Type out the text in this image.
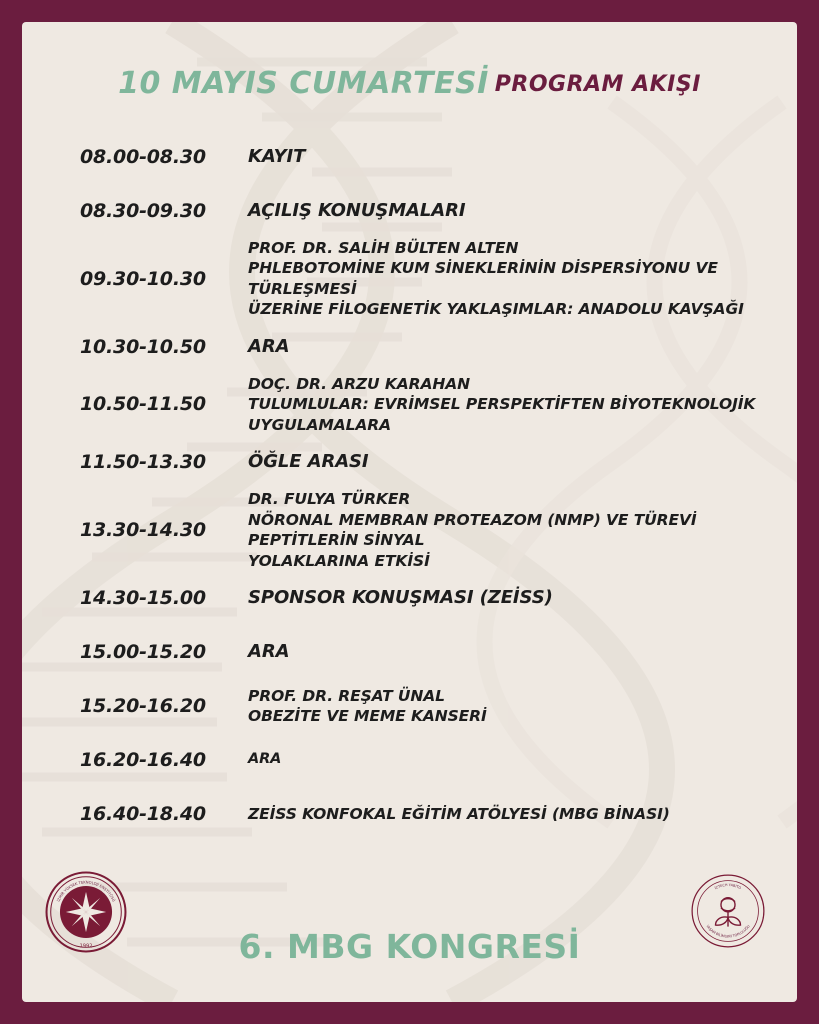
10 MAYIS CUMARTESİ PROGRAM AKIŞI
08.00-08.30	KAYIT
08.30-09.30	AÇILIŞ KONUŞMALARI
09.30-10.30
PROF. DR. SALİH BÜLTEN ALTEN
PHLEBOTOMİNE KUM SİNEKLERİNİN DİSPERSİYONU VE TÜRLEŞMESİ
ÜZERİNE FİLOGENETİK YAKLAŞIMLAR: ANADOLU KAVŞAĞI
10.30-10.50	ARA
10.50-11.50
DOÇ. DR. ARZU KARAHAN
TULUMLULAR: EVRİMSEL PERSPEKTİFTEN BİYOTEKNOLOJİK UYGULAMALARA
11.50-13.30	ÖĞLE ARASI
13.30-14.30
DR. FULYA TÜRKER
NÖRONAL MEMBRAN PROTEAZOM (NMP) VE TÜREVİ PEPTİTLERİN SİNYAL
YOLAKLARINA ETKİSİ
14.30-15.00	SPONSOR KONUŞMASI (ZEİSS)
15.00-15.20	ARA
15.20-16.20	PROF. DR. REŞAT ÜNAL
OBEZİTE VE MEME KANSERİ
16.20-16.40	ARA
16.40-18.40	ZEİSS KONFOKAL EĞİTİM ATÖLYESİ (MBG BİNASI)
İZMİR YÜKSEK TEKNOLOJİ ENSTİTÜSÜ
1992
İZTECH YABİTO
YAŞAM BİLİMLERİ TOPLULUĞU
6. MBG KONGRESİ
